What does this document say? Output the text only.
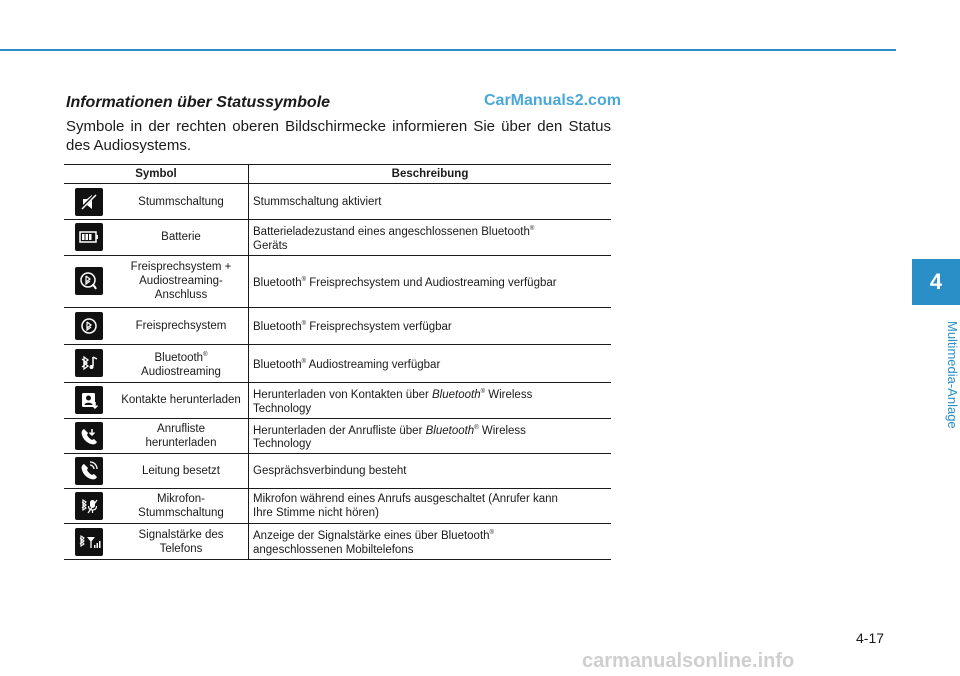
Informationen über Statussymbole	CarManuals2.com

Symbole in der rechten oberen Bildschirmecke informieren Sie über den Status des Audiosystems.

Symbol		Beschreibung

	Stummschaltung	Stummschaltung aktiviert

	Batterie	Batterieladezustand eines angeschlossenen Bluetooth®
Geräts

	Freisprechsystem +
Audiostreaming-
Anschluss	Bluetooth® Freisprechsystem und Audiostreaming verfügbar

	Freisprechsystem	Bluetooth® Freisprechsystem verfügbar

	Bluetooth®
Audiostreaming	Bluetooth® Audiostreaming verfügbar

	Kontakte herunterladen	Herunterladen von Kontakten über Bluetooth® Wireless
Technology

	Anrufliste
herunterladen	Herunterladen der Anrufliste über Bluetooth® Wireless
Technology

	Leitung besetzt	Gesprächsverbindung besteht

	Mikrofon-
Stummschaltung	Mikrofon während eines Anrufs ausgeschaltet (Anrufer kann
Ihre Stimme nicht hören)

	Signalstärke des
Telefons	Anzeige der Signalstärke eines über Bluetooth®
angeschlossenen Mobiltelefons
4
Multimedia-Anlage
4-17
carmanualsonline.info
